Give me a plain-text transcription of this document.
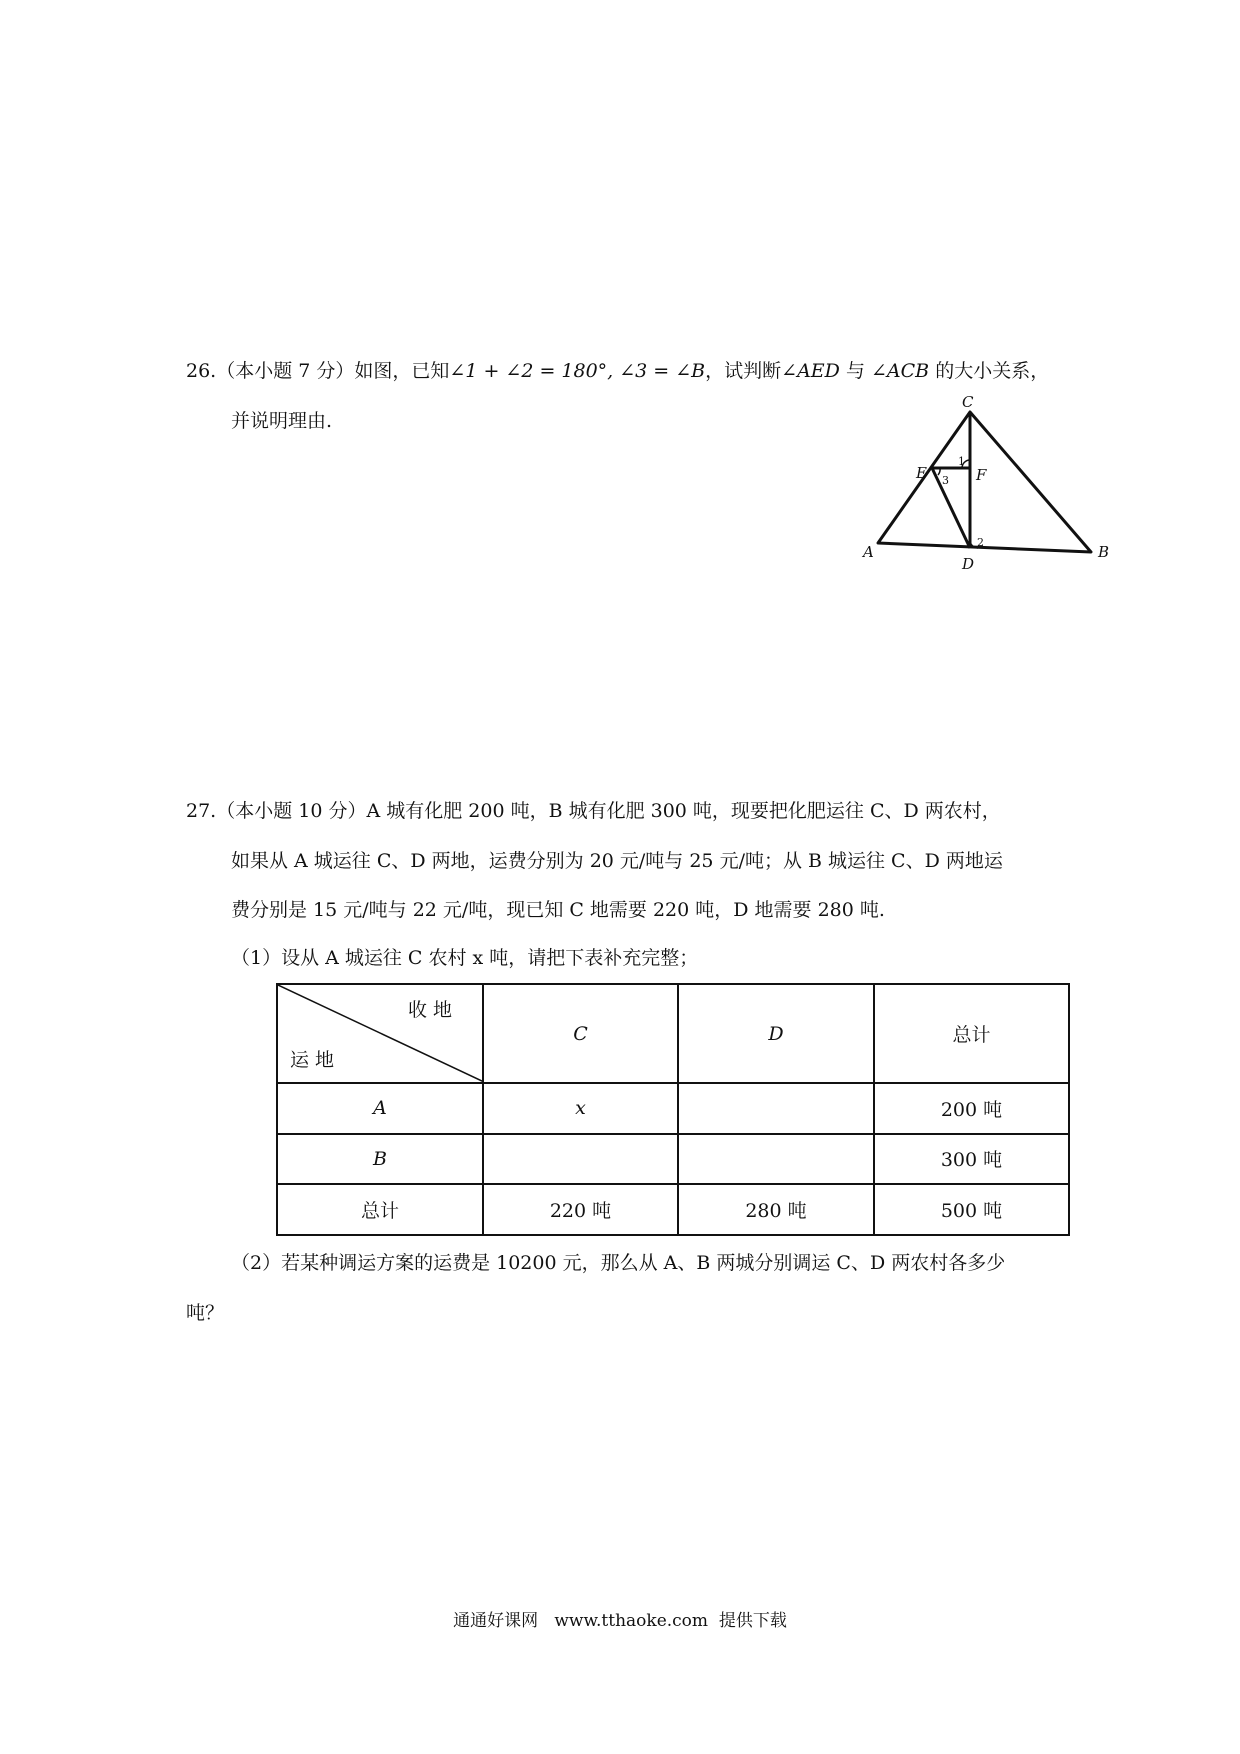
26.（本小题 7 分）如图，已知∠1 + ∠2 = 180°, ∠3 = ∠B，试判断∠AED 与 ∠ACB 的大小关系，
并说明理由.
C
E	F
A
D
B
1
2
3
27.（本小题 10 分）A 城有化肥 200 吨，B 城有化肥 300 吨，现要把化肥运往 C、D 两农村，
如果从 A 城运往 C、D 两地，运费分别为 20 元/吨与 25 元/吨；从 B 城运往 C、D 两地运
费分别是 15 元/吨与 22 元/吨，现已知 C 地需要 220 吨，D 地需要 280 吨.
（1）设从 A 城运往 C 农村 x 吨，请把下表补充完整；
收 地
运 地	C	D	总计
A	x		200 吨
B			300 吨
总计	220 吨	280 吨	500 吨
（2）若某种调运方案的运费是 10200 元，那么从 A、B 两城分别调运 C、D 两农村各多少
吨？
通通好课网   www.tthaoke.com  提供下载
